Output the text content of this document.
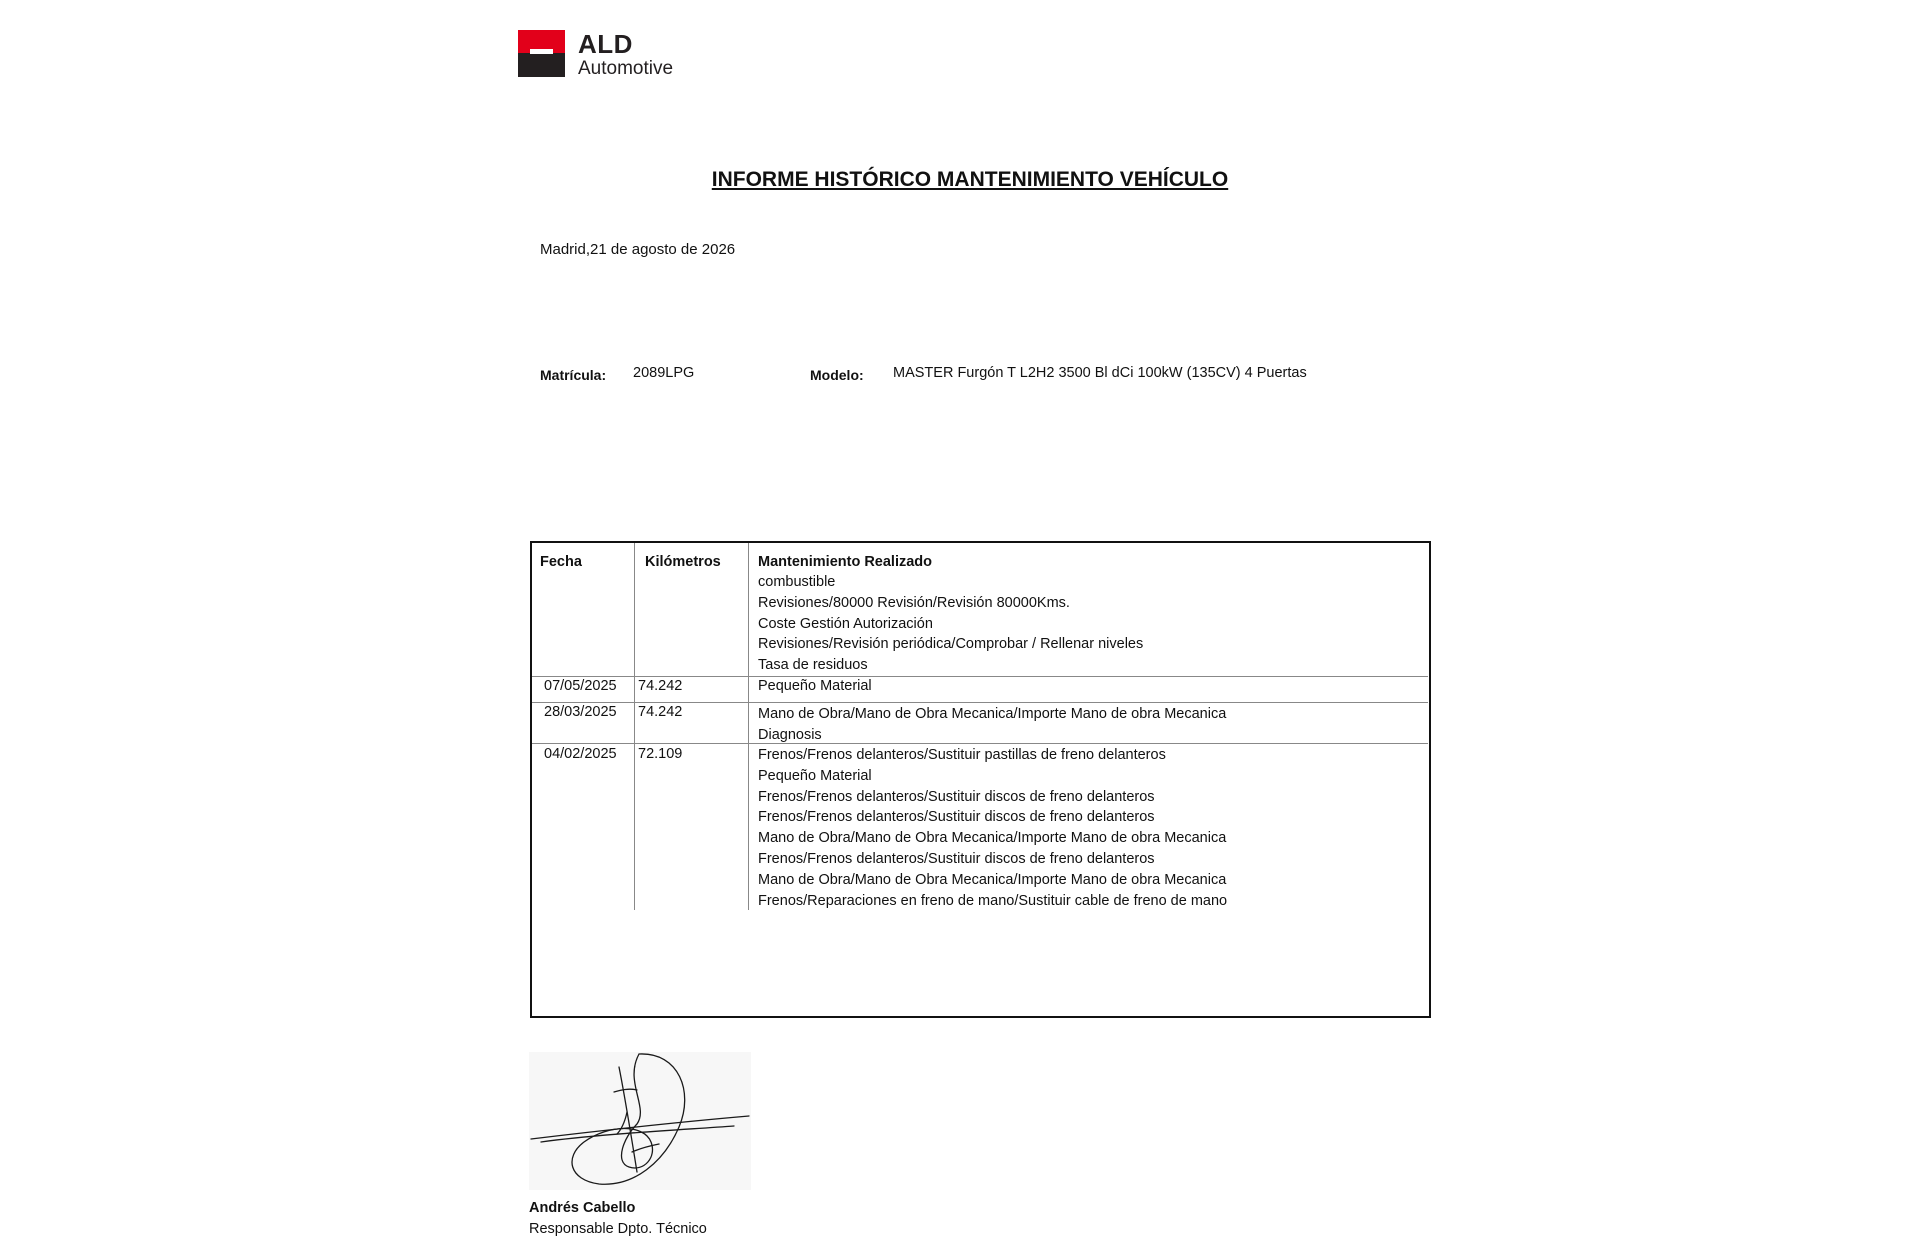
ALD
Automotive
INFORME HISTÓRICO MANTENIMIENTO VEHÍCULO
Madrid,21 de agosto de 2026
Matrícula: 2089LPG	Modelo: MASTER Furgón T L2H2 3500 Bl dCi 100kW (135CV) 4 Puertas
Fecha	Kilómetros	Mantenimiento Realizado
combustible
Revisiones/80000 Revisión/Revisión 80000Kms.
Coste Gestión Autorización
Revisiones/Revisión periódica/Comprobar / Rellenar niveles
Tasa de residuos
07/05/2025 74.242	Pequeño Material
28/03/2025 74.242	Mano de Obra/Mano de Obra Mecanica/Importe Mano de obra Mecanica
Diagnosis
04/02/2025 72.109	Frenos/Frenos delanteros/Sustituir pastillas de freno delanteros
Pequeño Material
Frenos/Frenos delanteros/Sustituir discos de freno delanteros
Frenos/Frenos delanteros/Sustituir discos de freno delanteros
Mano de Obra/Mano de Obra Mecanica/Importe Mano de obra Mecanica
Frenos/Frenos delanteros/Sustituir discos de freno delanteros
Mano de Obra/Mano de Obra Mecanica/Importe Mano de obra Mecanica
Frenos/Reparaciones en freno de mano/Sustituir cable de freno de mano
Andrés Cabello
Responsable Dpto. Técnico
